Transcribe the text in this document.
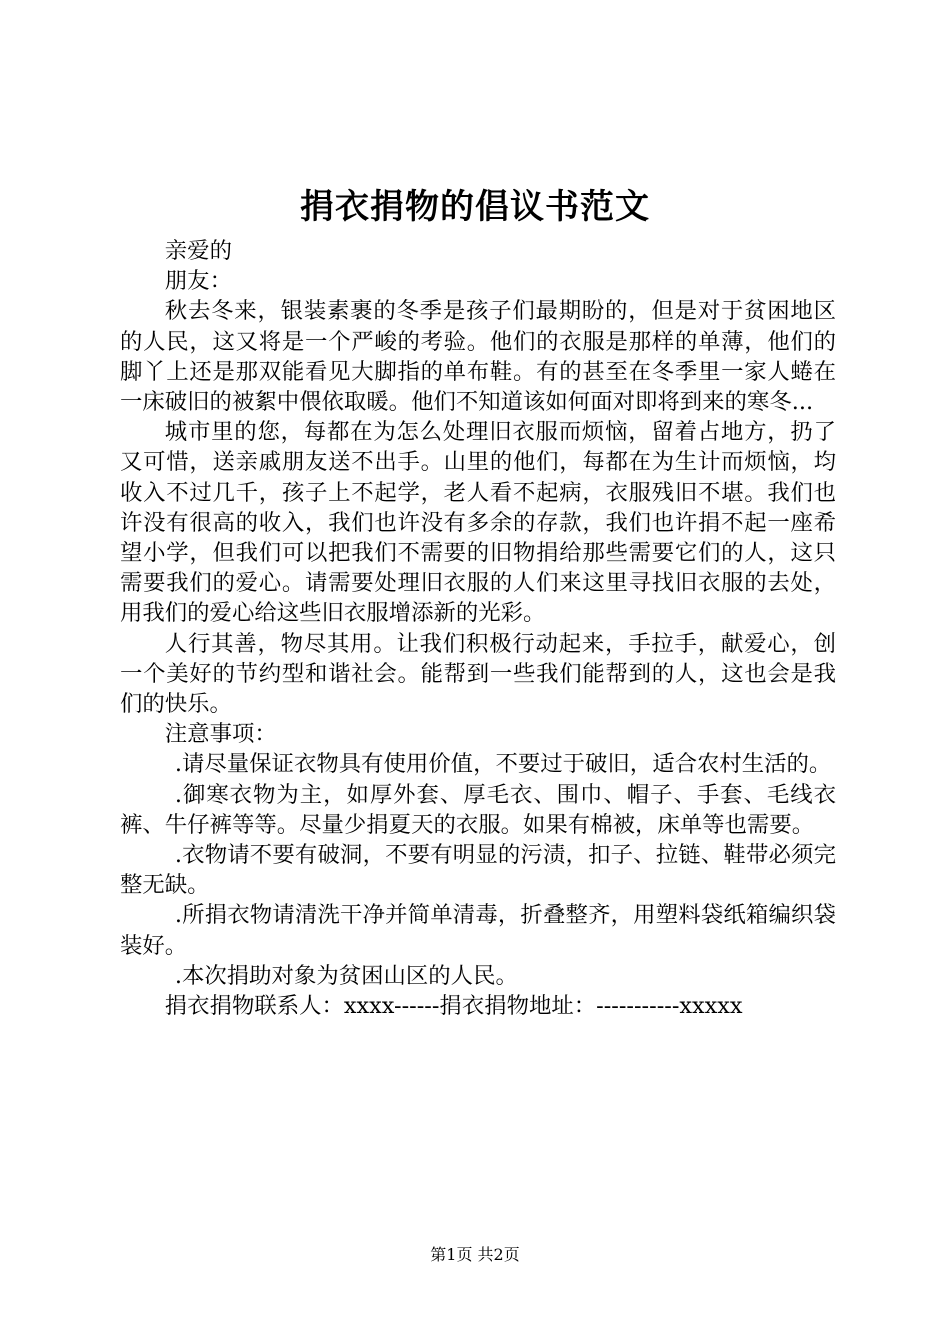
捐衣捐物的倡议书范文

亲爱的

朋友：

秋去冬来，银装素裹的冬季是孩子们最期盼的，但是对于贫困地区的人民，这又将是一个严峻的考验。他们的衣服是那样的单薄，他们的脚丫上还是那双能看见大脚指的单布鞋。有的甚至在冬季里一家人蜷在一床破旧的被絮中偎依取暖。他们不知道该如何面对即将到来的寒冬...

城市里的您，每都在为怎么处理旧衣服而烦恼，留着占地方，扔了又可惜，送亲戚朋友送不出手。山里的他们，每都在为生计而烦恼，均收入不过几千，孩子上不起学，老人看不起病，衣服残旧不堪。我们也许没有很高的收入，我们也许没有多余的存款，我们也许捐不起一座希望小学，但我们可以把我们不需要的旧物捐给那些需要它们的人，这只需要我们的爱心。请需要处理旧衣服的人们来这里寻找旧衣服的去处，用我们的爱心给这些旧衣服增添新的光彩。

人行其善，物尽其用。让我们积极行动起来，手拉手，献爱心，创一个美好的节约型和谐社会。能帮到一些我们能帮到的人，这也会是我们的快乐。

注意事项：

.请尽量保证衣物具有使用价值，不要过于破旧，适合农村生活的。

.御寒衣物为主，如厚外套、厚毛衣、围巾、帽子、手套、毛线衣裤、牛仔裤等等。尽量少捐夏天的衣服。如果有棉被，床单等也需要。

.衣物请不要有破洞，不要有明显的污渍，扣子、拉链、鞋带必须完整无缺。

.所捐衣物请清洗干净并简单清毒，折叠整齐，用塑料袋纸箱编织袋装好。

.本次捐助对象为贫困山区的人民。

捐衣捐物联系人：xxxx------捐衣捐物地址：-----------xxxxx

第1页 共2页
